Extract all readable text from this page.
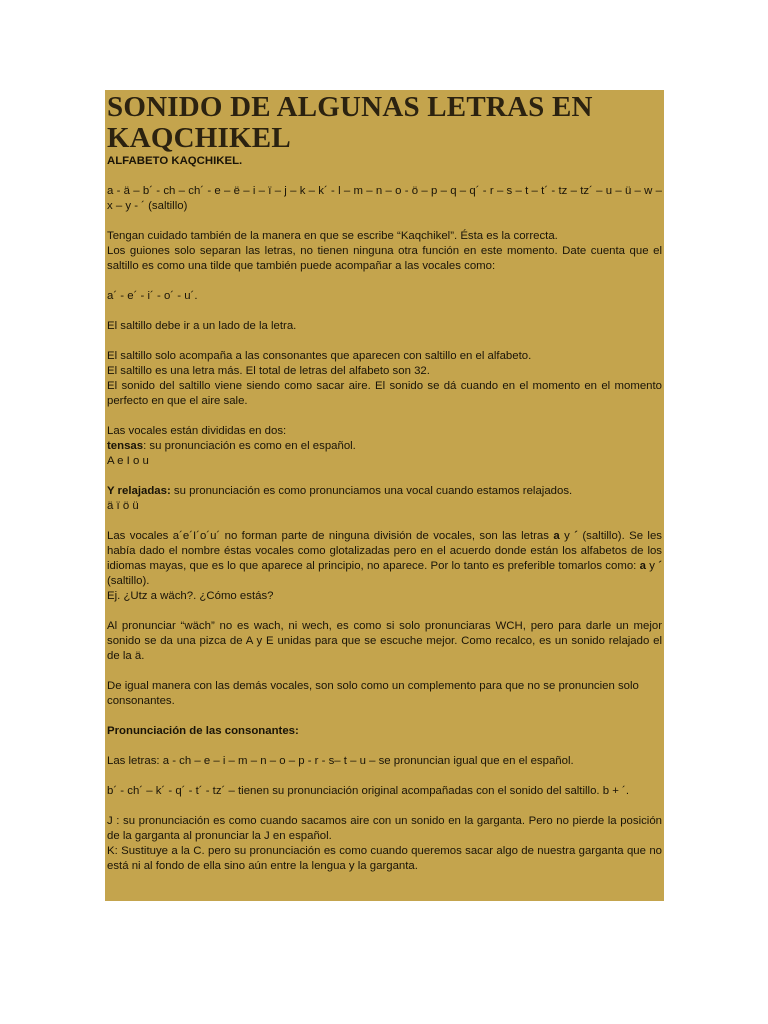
SONIDO DE ALGUNAS LETRAS EN KAQCHIKEL
ALFABETO KAQCHIKEL.

a - ä – b´ - ch – ch´ - e – ë – i – ï – j – k – k´ - l – m – n – o - ö – p – q – q´ - r – s – t – t´ - tz – tz´ – u – ü – w – x – y - ´ (saltillo)

Tengan cuidado también de la manera en que se escribe “Kaqchikel”. Ésta es la correcta.

Los guiones solo separan las letras, no tienen ninguna otra función en este momento. Date cuenta que el saltillo es como una tilde que también puede acompañar a las vocales como:

a´ - e´ - i´ - o´ - u´.

El saltillo debe ir a un lado de la letra.

El saltillo solo acompaña a las consonantes que aparecen con saltillo en el alfabeto.
El saltillo es una letra más. El total de letras del alfabeto son 32.
El sonido del saltillo viene siendo como sacar aire. El sonido se dá cuando en el momento en el momento perfecto en que el aire sale.
Las vocales están divididas en dos:
tensas: su pronunciación es como en el español.
A e I o u
Y relajadas: su pronunciación es como pronunciamos una vocal cuando estamos relajados.
ä ï ö ü
Las vocales a´e´I´o´u´ no forman parte de ninguna división de vocales, son las letras a y ´ (saltillo). Se les había dado el nombre éstas vocales como glotalizadas pero en el acuerdo donde están los alfabetos de los idiomas mayas, que es lo que aparece al principio, no aparece. Por lo tanto es preferible tomarlos como: a y ´ (saltillo).
Ej. ¿Utz a wäch?. ¿Cómo estás?

Al pronunciar “wäch” no es wach, ni wech, es como si solo pronunciaras WCH, pero para darle un mejor sonido se da una pizca de A y E unidas para que se escuche mejor. Como recalco, es un sonido relajado el de la ä.

De igual manera con las demás vocales, son solo como un complemento para que no se pronuncien solo consonantes.

Pronunciación de las consonantes:

Las letras: a - ch – e – i – m – n – o – p - r - s– t – u – se pronuncian igual que en el español.

b´ - ch´ – k´ - q´ - t´ - tz´ – tienen su pronunciación original acompañadas con el sonido del saltillo. b + ´.

J : su pronunciación es como cuando sacamos aire con un sonido en la garganta. Pero no pierde la posición de la garganta al pronunciar la J en español.
K: Sustituye a la C. pero su pronunciación es como cuando queremos sacar algo de nuestra garganta que no está ni al fondo de ella sino aún entre la lengua y la garganta.
